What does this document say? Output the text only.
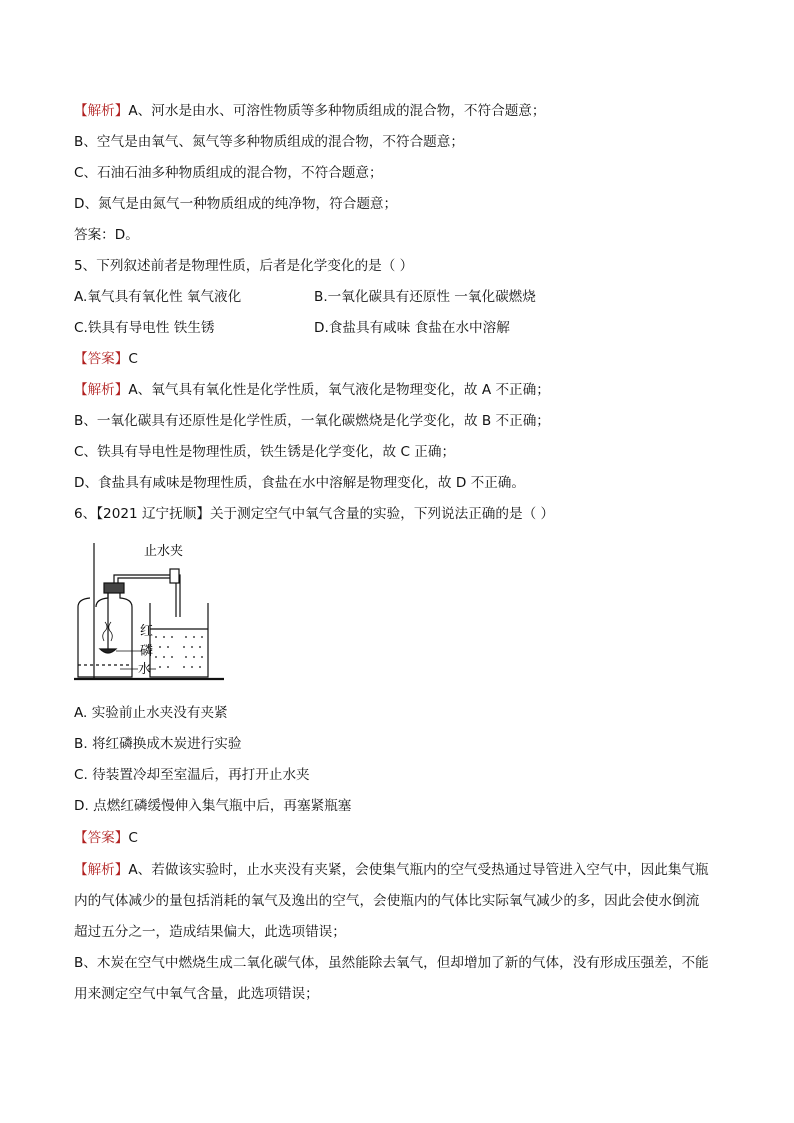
【解析】A、河水是由水、可溶性物质等多种物质组成的混合物，不符合题意；
B、空气是由氧气、氮气等多种物质组成的混合物，不符合题意；
C、石油石油多种物质组成的混合物，不符合题意；
D、氮气是由氮气一种物质组成的纯净物，符合题意；
答案：D。
5、下列叙述前者是物理性质，后者是化学变化的是（ ）
A.氧气具有氧化性 氧气液化	B.一氧化碳具有还原性 一氧化碳燃烧
C.铁具有导电性 铁生锈	D.食盐具有咸味 食盐在水中溶解
【答案】C
【解析】A、氧气具有氧化性是化学性质，氧气液化是物理变化，故 A 不正确；
B、一氧化碳具有还原性是化学性质，一氧化碳燃烧是化学变化，故 B 不正确；
C、铁具有导电性是物理性质，铁生锈是化学变化，故 C 正确；
D、食盐具有咸味是物理性质，食盐在水中溶解是物理变化，故 D 不正确。
6、【2021 辽宁抚顺】关于测定空气中氧气含量的实验，下列说法正确的是（ ）
止水夹
红
磷
水
A. 实验前止水夹没有夹紧
B. 将红磷换成木炭进行实验
C. 待装置冷却至室温后，再打开止水夹
D. 点燃红磷缓慢伸入集气瓶中后，再塞紧瓶塞
【答案】C
【解析】A、若做该实验时，止水夹没有夹紧，会使集气瓶内的空气受热通过导管进入空气中，因此集气瓶
内的气体减少的量包括消耗的氧气及逸出的空气，会使瓶内的气体比实际氧气减少的多，因此会使水倒流
超过五分之一，造成结果偏大，此选项错误；
B、木炭在空气中燃烧生成二氧化碳气体，虽然能除去氧气，但却增加了新的气体，没有形成压强差，不能
用来测定空气中氧气含量，此选项错误；
